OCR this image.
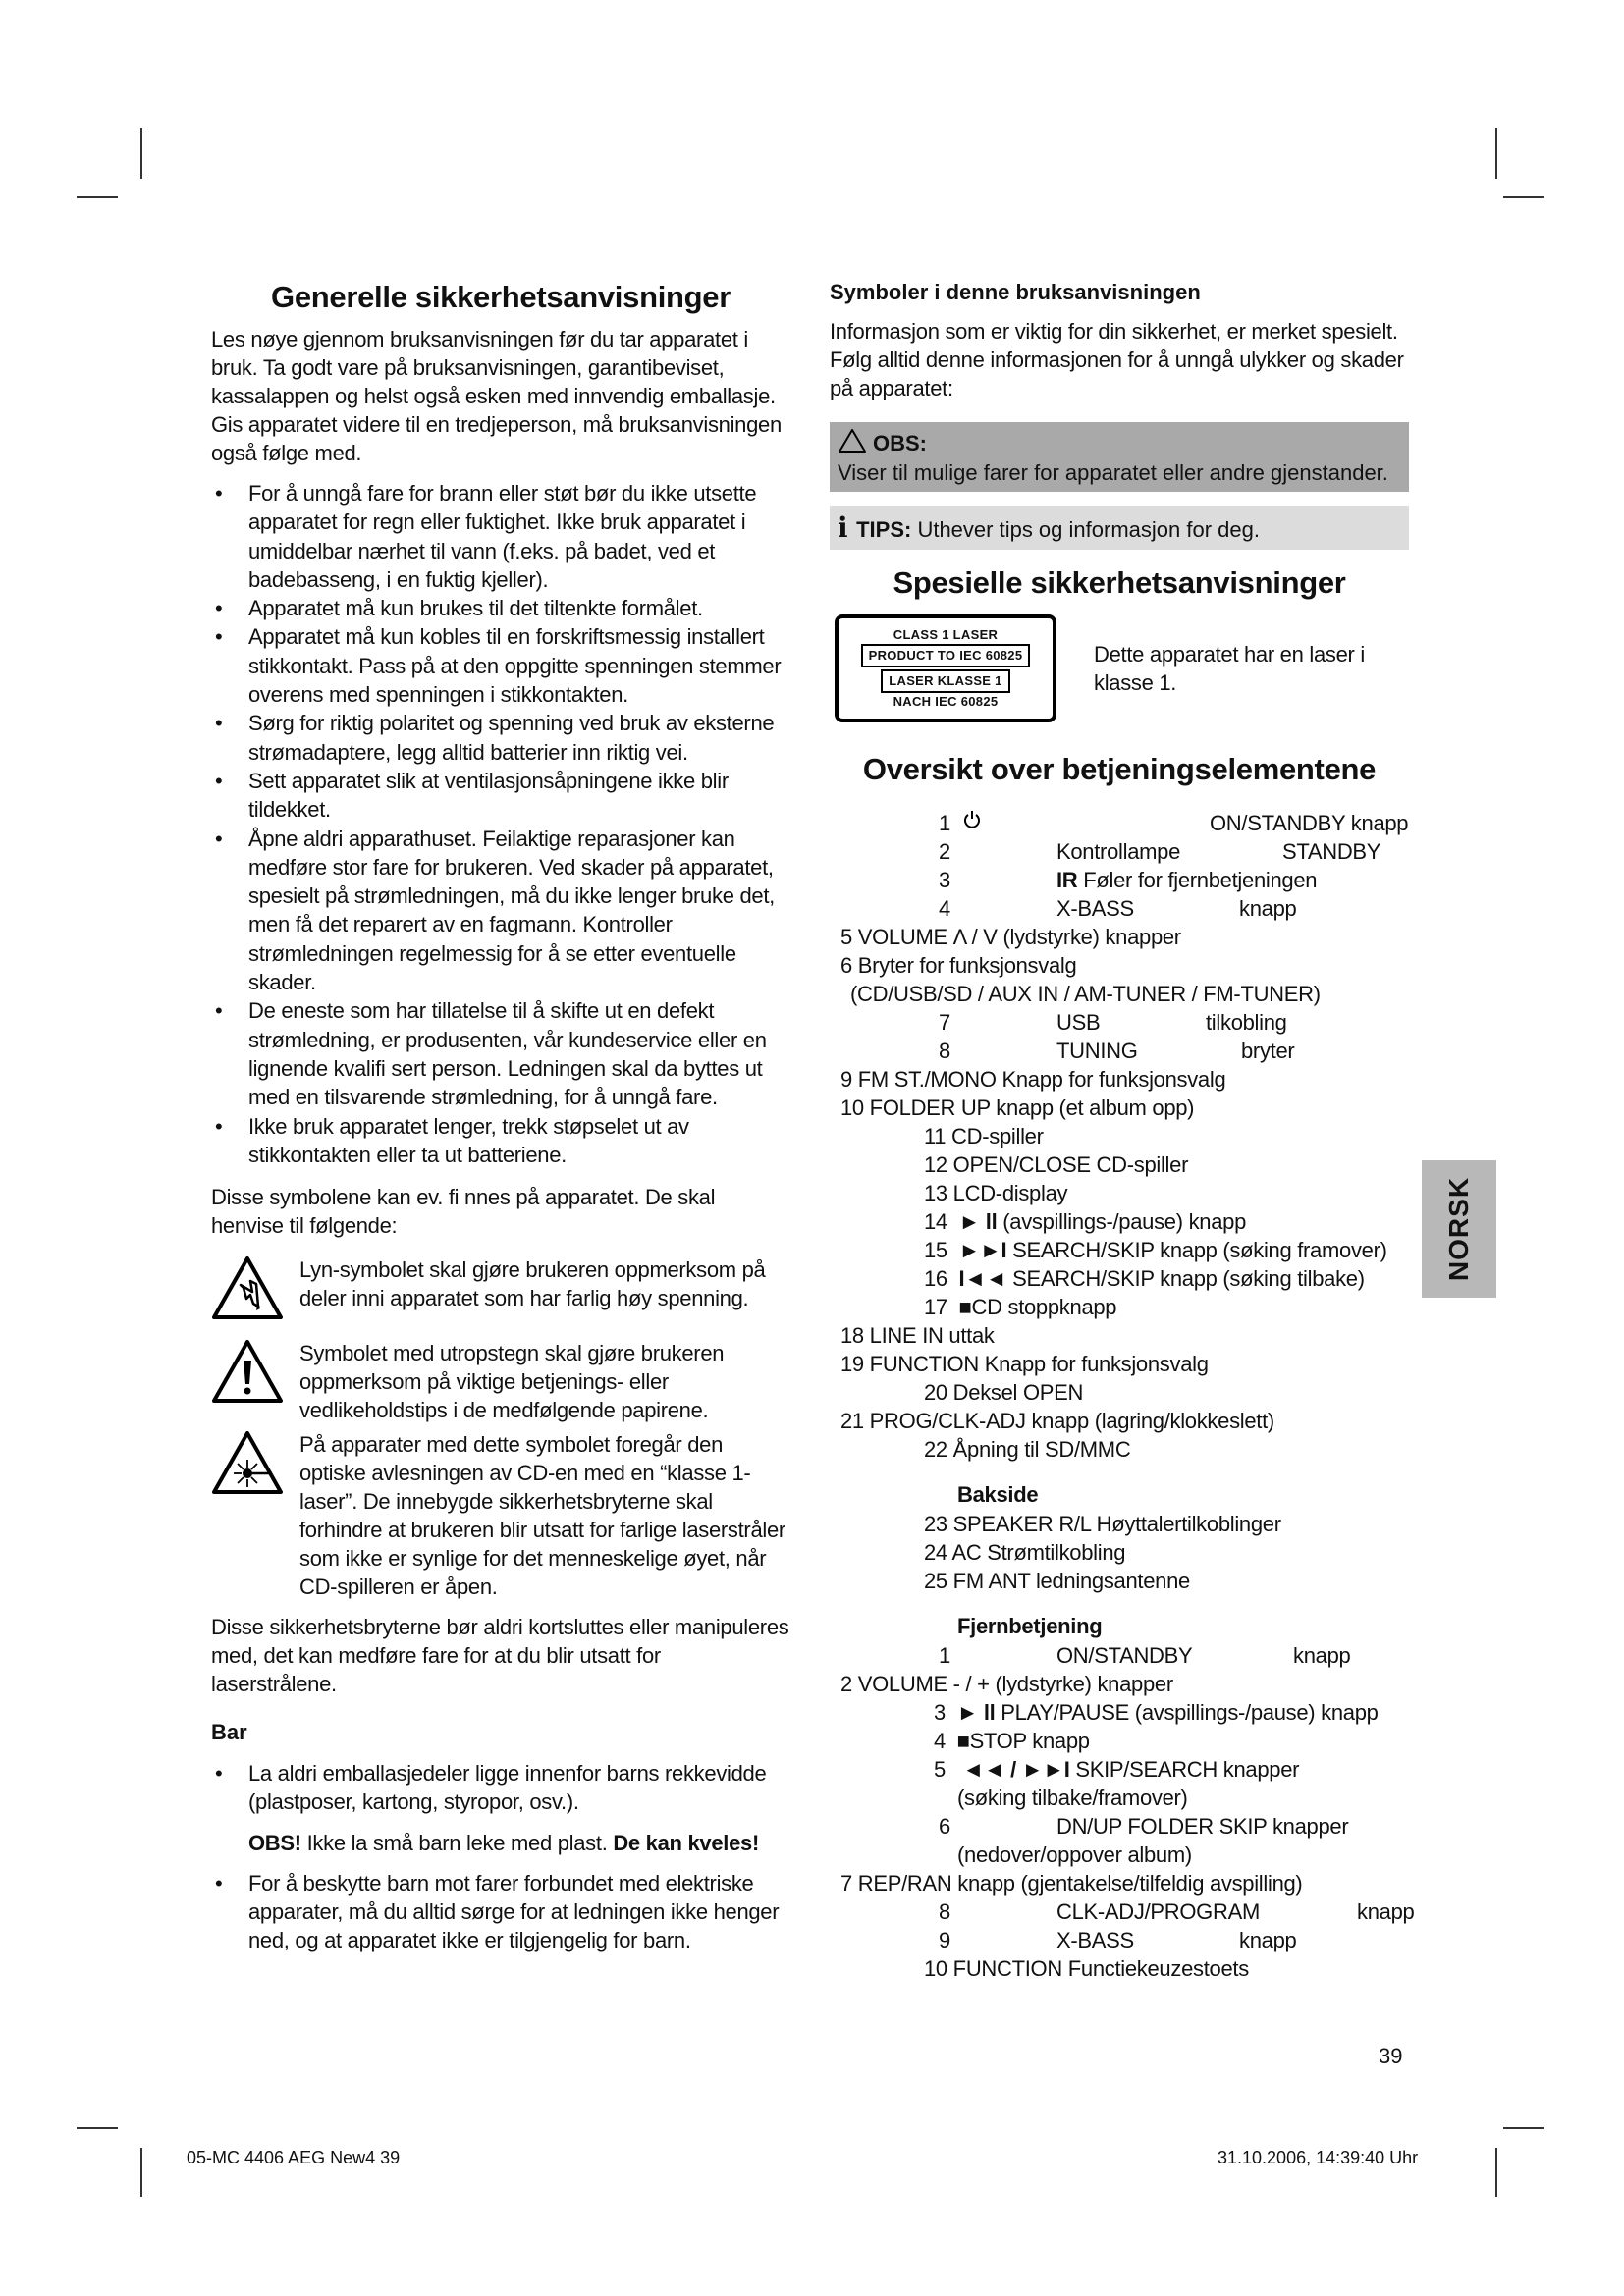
Generelle sikkerhetsanvisninger

Les nøye gjennom bruksanvisningen før du tar apparatet i bruk. Ta godt vare på bruksanvisningen, garantibeviset, kassalappen og helst også esken med innvendig emballasje. Gis apparatet videre til en tredjeperson, må bruksanvisningen også følge med.

• For å unngå fare for brann eller støt bør du ikke utsette apparatet for regn eller fuktighet. Ikke bruk apparatet i umiddelbar nærhet til vann (f.eks. på badet, ved et badebasseng, i en fuktig kjeller).
• Apparatet må kun brukes til det tiltenkte formålet.
• Apparatet må kun kobles til en forskriftsmessig installert stikkontakt. Pass på at den oppgitte spenningen stemmer overens med spenningen i stikkontakten.
• Sørg for riktig polaritet og spenning ved bruk av eksterne strømadaptere, legg alltid batterier inn riktig vei.
• Sett apparatet slik at ventilasjonsåpningene ikke blir tildekket.
• Åpne aldri apparathuset. Feilaktige reparasjoner kan medføre stor fare for brukeren. Ved skader på apparatet, spesielt på strømledningen, må du ikke lenger bruke det, men få det reparert av en fagmann. Kontroller strømledningen regelmessig for å se etter eventuelle skader.
• De eneste som har tillatelse til å skifte ut en defekt strømledning, er produsenten, vår kundeservice eller en lignende kvalifi sert person. Ledningen skal da byttes ut med en tilsvarende strømledning, for å unngå fare.
• Ikke bruk apparatet lenger, trekk støpselet ut av stikkontakten eller ta ut batteriene.

Disse symbolene kan ev. fi nnes på apparatet. De skal henvise til følgende:

Lyn-symbolet skal gjøre brukeren oppmerksom på deler inni apparatet som har farlig høy spenning.
Symbolet med utropstegn skal gjøre brukeren oppmerksom på viktige betjenings- eller vedlikeholdstips i de medfølgende papirene.
På apparater med dette symbolet foregår den optiske avlesningen av CD-en med en “klasse 1-laser”. De innebygde sikkerhetsbryterne skal forhindre at brukeren blir utsatt for farlige laserstråler som ikke er synlige for det menneskelige øyet, når CD-spilleren er åpen.

Disse sikkerhetsbryterne bør aldri kortsluttes eller manipuleres med, det kan medføre fare for at du blir utsatt for laserstrålene.

Bar
• La aldri emballasjedeler ligge innenfor barns rekkevidde (plastposer, kartong, styropor, osv.).

OBS! Ikke la små barn leke med plast. De kan kveles!

• For å beskytte barn mot farer forbundet med elektriske apparater, må du alltid sørge for at ledningen ikke henger ned, og at apparatet ikke er tilgjengelig for barn.
Symboler i denne bruksanvisningen

Informasjon som er viktig for din sikkerhet, er merket spesielt. Følg alltid denne informasjonen for å unngå ulykker og skader på apparatet:

OBS:
Viser til mulige farer for apparatet eller andre gjenstander.
i TIPS: Uthever tips og informasjon for deg.
Spesielle sikkerhetsanvisninger
CLASS 1 LASER
PRODUCT TO IEC 60825
LASER KLASSE 1
NACH IEC 60825
Dette apparatet har en laser i klasse 1.
Oversikt over betjeningselementene
1	ON/STANDBY knapp
2	Kontrollampe	STANDBY
3	IR Føler for fjernbetjeningen
4	X-BASS	knapp
5 VOLUME Λ / V (lydstyrke) knapper
6 Bryter for funksjonsvalg
(CD/USB/SD / AUX IN / AM-TUNER / FM-TUNER)
7	USB	tilkobling
8	TUNING	bryter
9 FM ST./MONO Knapp for funksjonsvalg
10 FOLDER UP knapp (et album opp)
11 CD-spiller
12 OPEN/CLOSE CD-spiller
13 LCD-display
14 ► ll (avspillings-/pause) knapp
15 ►►I SEARCH/SKIP knapp (søking framover)
16 I◄◄ SEARCH/SKIP knapp (søking tilbake)
17 ■CD stoppknapp
18 LINE IN uttak
19 FUNCTION Knapp for funksjonsvalg
20 Deksel OPEN
21 PROG/CLK-ADJ knapp (lagring/klokkeslett)
22 Åpning til SD/MMC
Bakside
23 SPEAKER R/L Høyttalertilkoblinger
24 AC Strømtilkobling
25 FM ANT ledningsantenne
Fjernbetjening
1	ON/STANDBY	knapp
2 VOLUME - / + (lydstyrke) knapper
3 ► ll PLAY/PAUSE (avspillings-/pause) knapp
4 ■STOP knapp
5 ◄◄ / ►►I SKIP/SEARCH knapper
(søking tilbake/framover)
6	DN/UP FOLDER SKIP knapper
(nedover/oppover album)
7 REP/RAN knapp (gjentakelse/tilfeldig avspilling)
8	CLK-ADJ/PROGRAM	knapp
9	X-BASS	knapp
10 FUNCTION Functiekeuzestoets
NORSK
39
05-MC 4406 AEG New4 39	31.10.2006, 14:39:40 Uhr
